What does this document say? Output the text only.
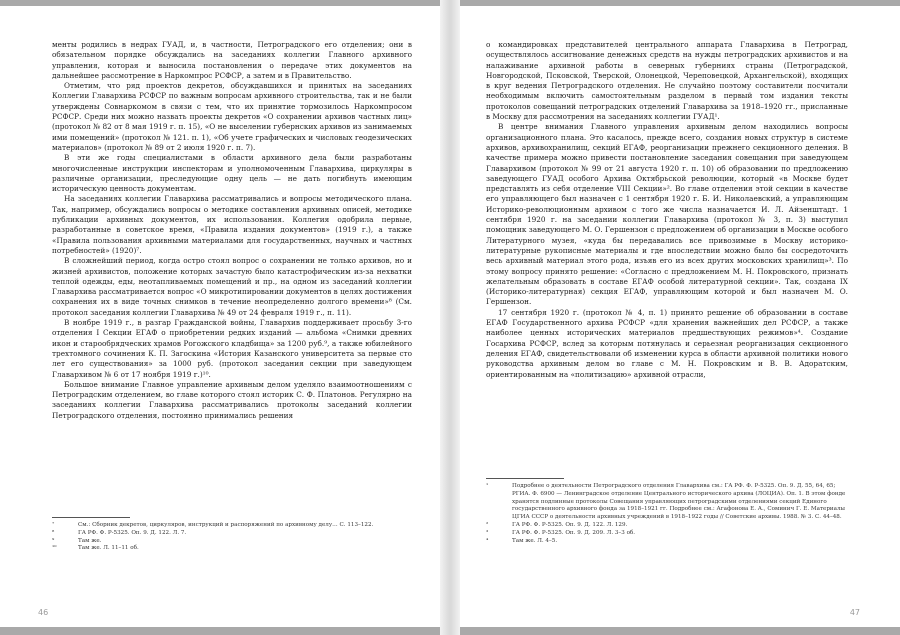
менты родились в недрах ГУАД, и, в частности, Петроградского его отделения; они в обязательном порядке обсуждались на заседаниях коллегии Главного архивного управления, которая и выносила постановления о передаче этих документов на дальнейшее рассмотрение в Наркомпрос РСФСР, а затем и в Правительство.

Отметим, что ряд проектов декретов, обсуждавшихся и принятых на заседаниях Коллегии Главархива РСФСР по важным вопросам архивного строительства, так и не были утверждены Совнаркомом в связи с тем, что их принятие тормозилось Наркомпросом РСФСР. Среди них можно назвать проекты декретов «О сохранении архивов частных лиц» (протокол № 82 от 8 мая 1919 г. п. 15), «О не выселении губернских архивов из занимаемых ими помещений» (протокол № 121. п. 1), «Об учете графических и числовых геодезических материалов» (протокол № 89 от 2 июля 1920 г. п. 7).

В эти же годы специалистами в области архивного дела были разработаны многочисленные инструкции инспекторам и уполномоченным Главархива, циркуляры в различные организации, преследующие одну цель — не дать погибнуть имеющим историческую ценность документам.

На заседаниях коллегии Главархива рассматривались и вопросы методического плана. Так, например, обсуждались вопросы о методике составления архивных описей, методике публикации архивных документов, их использования. Коллегия одобрила первые, разработанные в советское время, «Правила издания документов» (1919 г.), а также «Правила пользования архивными материалами для государственных, научных и частных потребностей» (1920)⁷.

В сложнейший период, когда остро стоял вопрос о сохранении не только архивов, но и жизней архивистов, положение которых зачастую было катастрофическим из-за нехватки теплой одежды, еды, неотапливаемых помещений и пр., на одном из заседаний коллегии Главархива рассматривается вопрос «О микротипировании документов в целях достижения сохранения их в виде точных снимков в течение неопределенно долгого времени»⁸ (См. протокол заседания коллегии Главархива № 49 от 24 февраля 1919 г., п. 11).

В ноябре 1919 г., в разгар Гражданской войны, Главархив поддерживает просьбу 3-го отделения I Секции ЕГАФ о приобретении редких изданий — альбома «Снимки древних икон и старообрядческих храмов Рогожского кладбища» за 1200 руб.⁹, а также юбилейного трехтомного сочинения К. П. Загоскина «История Казанского университета за первые сто лет его существования» за 1000 руб. (протокол заседания секции при заведующем Главархивом № 6 от 17 ноября 1919 г.)¹⁰.

Большое внимание Главное управление архивным делом уделяло взаимоотношениям с Петроградским отделением, во главе которого стоял историк С. Ф. Платонов. Регулярно на заседаниях коллегии Главархива рассматривались протоколы заседаний коллегии Петроградского отделения, постоянно принимались решения

⁷	См.: Сборник декретов, циркуляров, инструкций и распоряжений по архивному делу… С. 113–122.

⁸	ГА РФ. Ф. Р-5325. Оп. 9. Д. 122. Л. 7.

⁹	Там же.

¹⁰	Там же. Л. 11–11 об.

46

о командировках представителей центрального аппарата Главархива в Петроград, осуществлялось ассигнование денежных средств на нужды петроградских архивистов и на налаживание архивной работы в северных губерниях страны (Петроградской, Новгородской, Псковской, Тверской, Олонецкой, Череповецкой, Архангельской), входящих в круг ведения Петроградского отделения. Не случайно поэтому составители посчитали необходимым включить самостоятельным разделом в первый том издания тексты протоколов совещаний петроградских отделений Главархива за 1918–1920 гг., присланные в Москву для рассмотрения на заседаниях коллегии ГУАД¹.

В центре внимания Главного управления архивным делом находились вопросы организационного плана. Это касалось, прежде всего, создания новых структур в системе архивов, архивохранилищ, секций ЕГАФ, реорганизации прежнего секционного деления. В качестве примера можно привести постановление заседания совещания при заведующем Главархивом (протокол № 99 от 21 августа 1920 г. п. 10) об образовании по предложению заведующего ГУАД особого Архива Октябрьской революции, который «в Москве будет представлять из себя отделение VIII Секции»². Во главе отделения этой секции в качестве его управляющего был назначен с 1 сентября 1920 г. Б. И. Николаевский, а управляющим Историко-революционным архивом с того же числа назначается И. Л. Айзенштадт. 1 сентября 1920 г. на заседании коллегии Главархива (протокол № 3, п. 3) выступил помощник заведующего М. О. Гершензон с предложением об организации в Москве особого Литературного музея, «куда бы передавались все привозимые в Москву историко-литературные рукописные материалы и где впоследствии можно было бы сосредоточить весь архивный материал этого рода, изъяв его из всех других московских хранилищ»³. По этому вопросу принято решение: «Согласно с предложением М. Н. Покровского, признать желательным образовать в составе ЕГАФ особой литературной секции». Так, создана IX (Историко-литературная) секция ЕГАФ, управляющим которой и был назначен М. О. Гершензон.

17 сентября 1920 г. (протокол № 4, п. 1) принято решение об образовании в составе ЕГАФ Государственного архива РСФСР «для хранения важнейших дел РСФСР, а также наиболее ценных исторических материалов предшествующих режимов»⁴. Создание Госархива РСФСР, вслед за которым потянулась и серьезная реорганизация секционного деления ЕГАФ, свидетельствовали об изменении курса в области архивной политики нового руководства архивным делом во главе с М. Н. Покровским и В. В. Адоратским, ориентированным на «политизацию» архивной отрасли,

¹	Подробнее о деятельности Петроградского отделения Главархива см.: ГА РФ. Ф. Р-5325. Оп. 9. Д. 55, 64, 65; РГИА. Ф. 6900 — Ленинградское отделение Центрального исторического архива (ЛОЦИА). Оп. 1. В этом фонде хранятся подлинные протоколы Совещания управляющих петроградскими отделениями секций Единого государственного архивного фонда за 1918–1921 гг. Подробнее см.: Агафонова Е. А., Соминич Г. Е. Материалы ЦГИА СССР о деятельности архивных учреждений в 1918–1922 годы // Советские архивы. 1988. № 3. С. 44–48.

²	ГА РФ. Ф. Р-5325. Оп. 9. Д. 122. Л. 129.

³	ГА РФ. Ф. Р-5325. Оп. 9. Д. 209. Л. 3–3 об.

⁴	Там же. Л. 4–5.

47
